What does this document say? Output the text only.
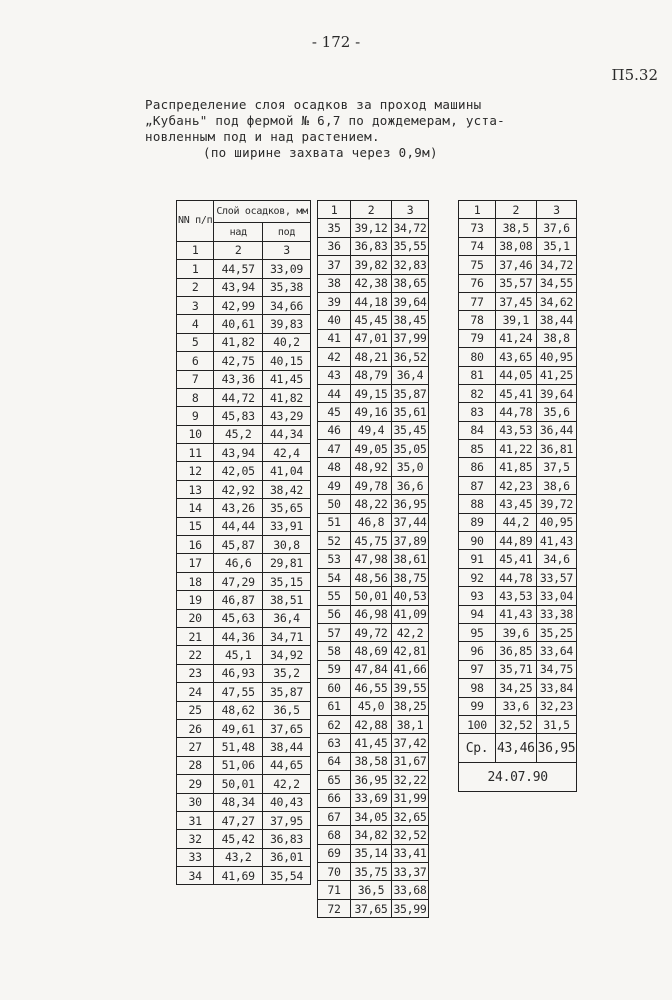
- 172 -
П5.32
Распределение слоя осадков за проход машины
„Кубань" под фермой № 6,7 по дождемерам, уста-
новленным под и над растением.
(по ширине захвата через 0,9м)
NN п/п	Слой осадков, мм	
	над	под
1	2	3
1	44,57	33,09
2	43,94	35,38
3	42,99	34,66
4	40,61	39,83
5	41,82	40,2
6	42,75	40,15
7	43,36	41,45
8	44,72	41,82
9	45,83	43,29
10	45,2	44,34
11	43,94	42,4
12	42,05	41,04
13	42,92	38,42
14	43,26	35,65
15	44,44	33,91
16	45,87	30,8
17	46,6	29,81
18	47,29	35,15
19	46,87	38,51
20	45,63	36,4
21	44,36	34,71
22	45,1	34,92
23	46,93	35,2
24	47,55	35,87
25	48,62	36,5
26	49,61	37,65
27	51,48	38,44
28	51,06	44,65
29	50,01	42,2
30	48,34	40,43
31	47,27	37,95
32	45,42	36,83
33	43,2	36,01
34	41,69	35,54
1	2	3
35	39,12	34,72
36	36,83	35,55
37	39,82	32,83
38	42,38	38,65
39	44,18	39,64
40	45,45	38,45
41	47,01	37,99
42	48,21	36,52
43	48,79	36,4
44	49,15	35,87
45	49,16	35,61
46	49,4	35,45
47	49,05	35,05
48	48,92	35,0
49	49,78	36,6
50	48,22	36,95
51	46,8	37,44
52	45,75	37,89
53	47,98	38,61
54	48,56	38,75
55	50,01	40,53
56	46,98	41,09
57	49,72	42,2
58	48,69	42,81
59	47,84	41,66
60	46,55	39,55
61	45,0	38,25
62	42,88	38,1
63	41,45	37,42
64	38,58	31,67
65	36,95	32,22
66	33,69	31,99
67	34,05	32,65
68	34,82	32,52
69	35,14	33,41
70	35,75	33,37
71	36,5	33,68
72	37,65	35,99
1	2	3
73	38,5	37,6
74	38,08	35,1
75	37,46	34,72
76	35,57	34,55
77	37,45	34,62
78	39,1	38,44
79	41,24	38,8
80	43,65	40,95
81	44,05	41,25
82	45,41	39,64
83	44,78	35,6
84	43,53	36,44
85	41,22	36,81
86	41,85	37,5
87	42,23	38,6
88	43,45	39,72
89	44,2	40,95
90	44,89	41,43
91	45,41	34,6
92	44,78	33,57
93	43,53	33,04
94	41,43	33,38
95	39,6	35,25
96	36,85	33,64
97	35,71	34,75
98	34,25	33,84
99	33,6	32,23
100	32,52	31,5
Ср.	43,46	36,95
24.07.90		
